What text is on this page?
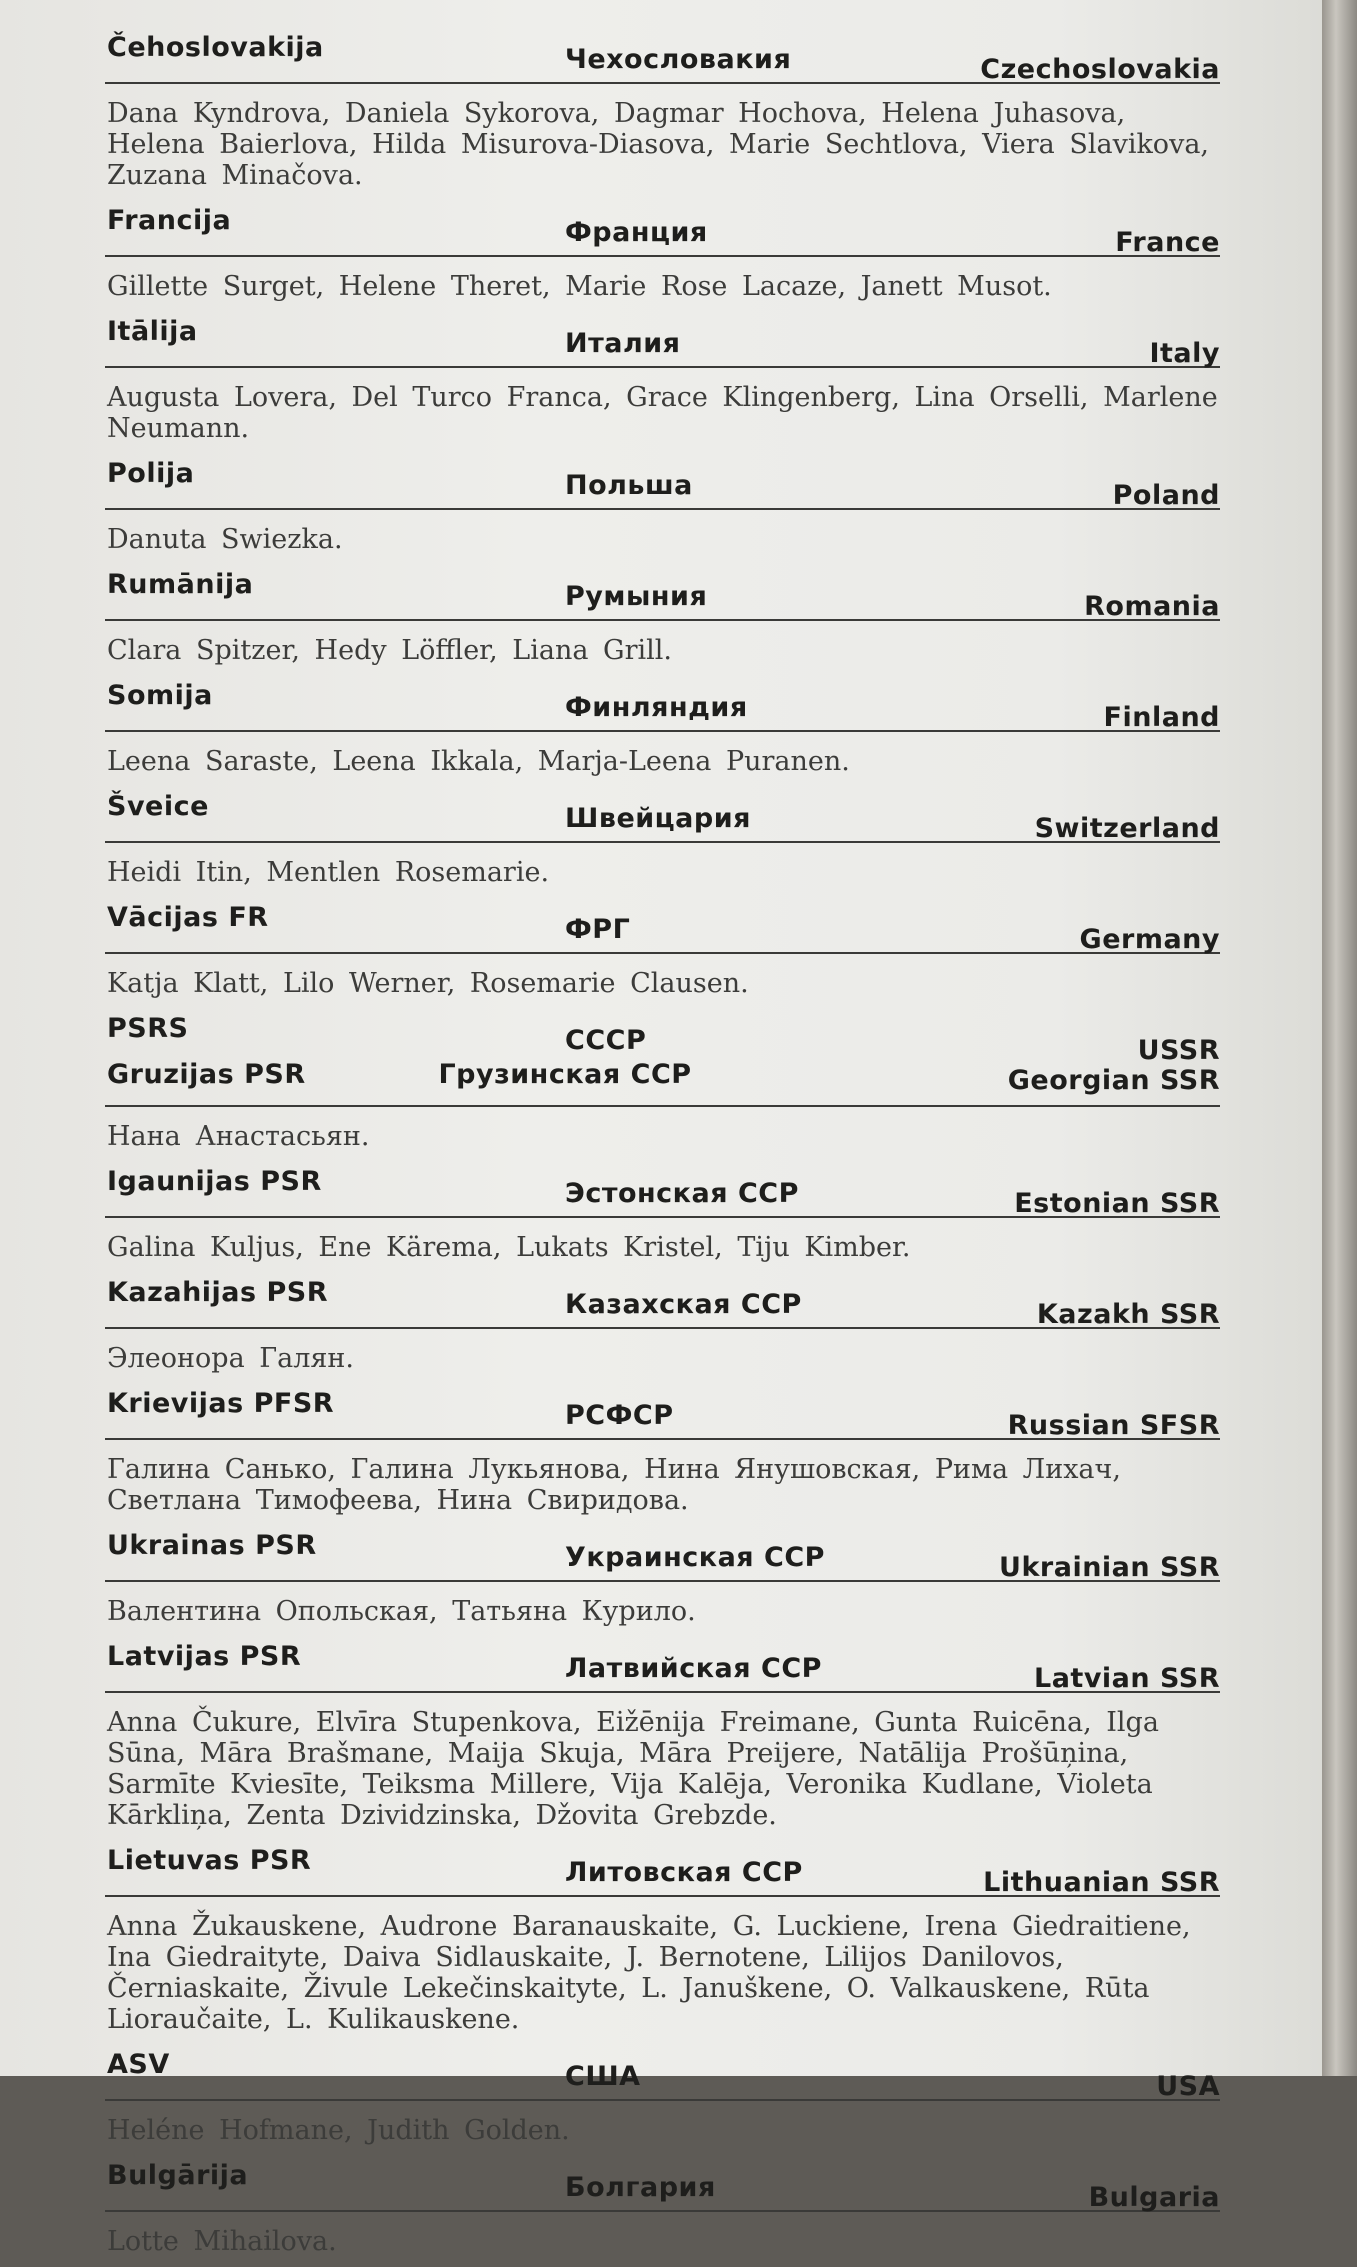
Čehoslovakija	Чехословакия	Czechoslovakia
Dana Kyndrova, Daniela Sykorova, Dagmar Hochova, Helena Juhasova, Helena Baierlova, Hilda Misurova-Diasova, Marie Sechtlova, Viera Slavikova, Zuzana Minačova.
Francija	Франция	France
Gillette Surget, Helene Theret, Marie Rose Lacaze, Janett Musot.
Itālija	Италия	Italy
Augusta Lovera, Del Turco Franca, Grace Klingenberg, Lina Orselli, Marlene Neumann.
Polija	Польша	Poland
Danuta Swiezka.
Rumānija	Румыния	Romania
Clara Spitzer, Hedy Löffler, Liana Grill.
Somija	Финляндия	Finland
Leena Saraste, Leena Ikkala, Marja-Leena Puranen.
Šveice	Швейцария	Switzerland
Heidi Itin, Mentlen Rosemarie.
Vācijas FR	ФРГ	Germany
Katja Klatt, Lilo Werner, Rosemarie Clausen.
PSRS	СССР	USSR
Gruzijas PSR	Грузинская ССР	Georgian SSR
Нана Анастасьян.
Igaunijas PSR	Эстонская ССР	Estonian SSR
Galina Kuljus, Ene Kärema, Lukats Kristel, Tiju Kimber.
Kazahijas PSR	Казахская ССР	Kazakh SSR
Элеонора Галян.
Krievijas PFSR	РСФСР	Russian SFSR
Галина Санько, Галина Лукьянова, Нина Янушовская, Рима Лихач, Светлана Тимофеева, Нина Свиридова.
Ukrainas PSR	Украинская ССР	Ukrainian SSR
Валентина Опольская, Татьяна Курило.
Latvijas PSR	Латвийская ССР	Latvian SSR
Anna Čukure, Elvīra Stupenkova, Eižēnija Freimane, Gunta Ruicēna, Ilga Sūna, Māra Brašmane, Maija Skuja, Māra Preijere, Natālija Prošūņina, Sarmīte Kviesīte, Teiksma Millere, Vija Kalēja, Veronika Kudlane, Violeta Kārkliņa, Zenta Dzividzinska, Džovita Grebzde.
Lietuvas PSR	Литовская ССР	Lithuanian SSR
Anna Žukauskene, Audrone Baranauskaite, G. Luckiene, Irena Giedraitiene, Ina Giedraityte, Daiva Sidlauskaite, J. Bernotene, Lilijos Danilovos, Černiaskaite, Živule Lekečinskaityte, L. Januškene, O. Valkauskene, Rūta Lioraučaite, L. Kulikauskene.
ASV	США	USA
Heléne Hofmane, Judith Golden.
Bulgārija	Болгария	Bulgaria
Lotte Mihailova.
